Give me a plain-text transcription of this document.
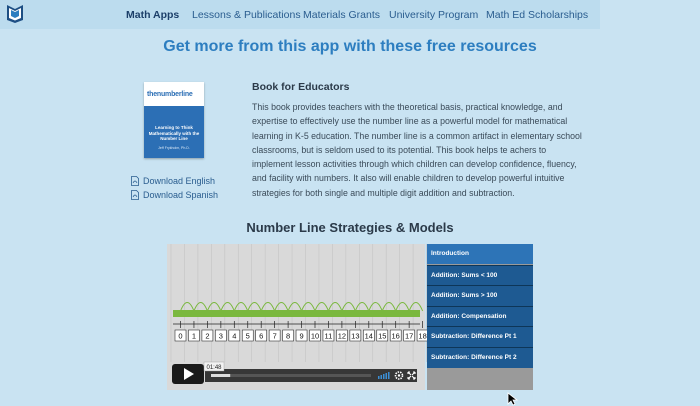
Math Apps Lessons & Publications Materials Grants University Program Math Ed Scholarships
Get more from this app with these free resources
thenumberline
Learning to Think Mathematically with the Number Line
Jeff Frykholm, Ph.D.
Download English
Download Spanish
Book for Educators
This book provides teachers with the theoretical basis, practical knowledge, and expertise to effectively use the number line as a powerful model for mathematical learning in K-5 education. The number line is a common artifact in elementary school classrooms, but is seldom used to its potential. This book helps te achers to implement lesson activities through which children can develop confidence, fluency, and facility with numbers. It also will enable children to develop powerful intuitive strategies for both single and multiple digit addition and subtraction.
Number Line Strategies & Models
0 1 2 3 4 5 6 7 8 9 10 11 12 13 14 15 16 17 18
01:48
Introduction
Addition: Sums < 100
Addition: Sums > 100
Addition: Compensation
Subtraction: Difference Pt 1
Subtraction: Difference Pt 2
